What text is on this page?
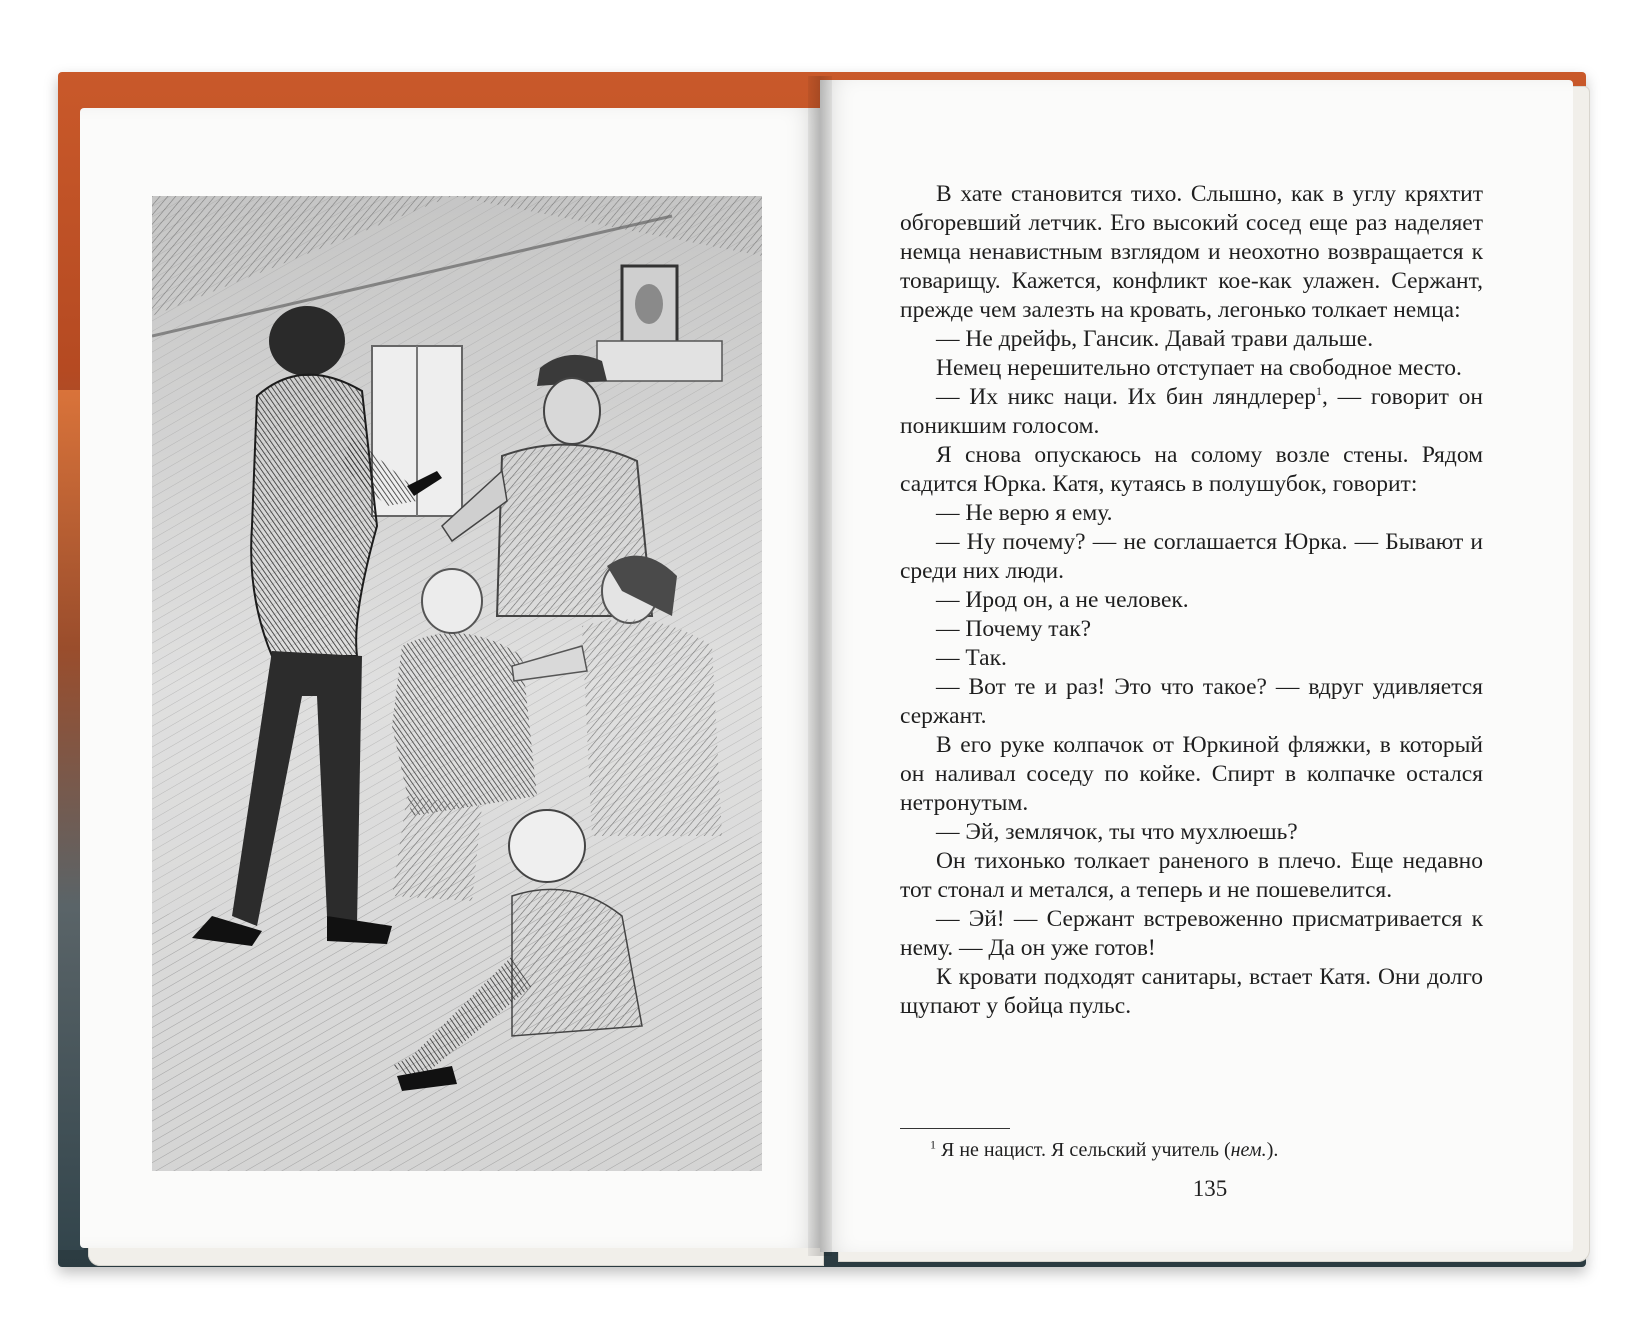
В хате становится тихо. Слышно, как в углу кряхтит обгоревший летчик. Его высокий сосед еще раз наделяет немца ненавистным взглядом и неохотно возвращается к товарищу. Кажется, конфликт кое-как улажен. Сержант, прежде чем залезть на кровать, легонько толкает немца:

— Не дрейфь, Гансик. Давай трави дальше.

Немец нерешительно отступает на свободное место.

— Их никс наци. Их бин ляндлерер$^1$, — говорит он поникшим голосом.

Я снова опускаюсь на солому возле стены. Рядом садится Юрка. Катя, кутаясь в полушубок, говорит:

— Не верю я ему.

— Ну почему? — не соглашается Юрка. — Бывают и среди них люди.

— Ирод он, а не человек.

— Почему так?

— Так.

— Вот те и раз! Это что такое? — вдруг удивляется сержант.

В его руке колпачок от Юркиной фляжки, в который он наливал соседу по койке. Спирт в колпачке остался нетронутым.

— Эй, землячок, ты что мухлюешь?

Он тихонько толкает раненого в плечо. Еще недавно тот стонал и метался, а теперь и не пошевелится.

— Эй! — Сержант встревоженно присматривается к нему. — Да он уже готов!

К кровати подходят санитары, встает Катя. Они долго щупают у бойца пульс.

$^1$ Я не нацист. Я сельский учитель (нем.).
135
